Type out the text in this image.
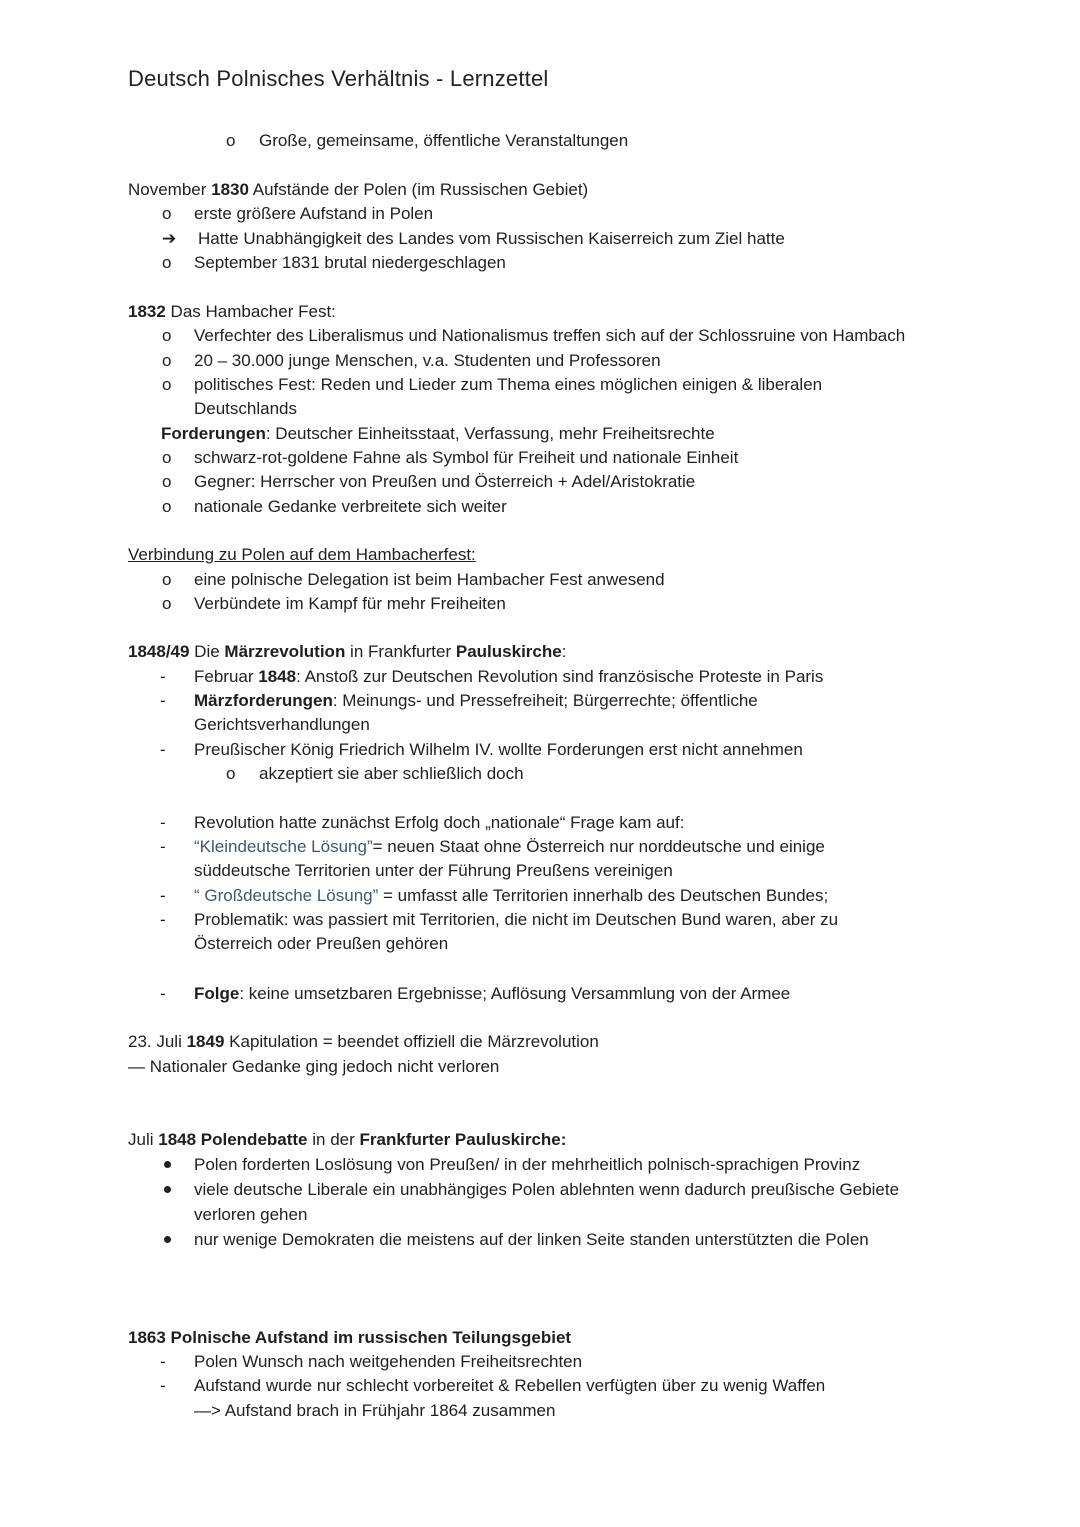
Deutsch Polnisches Verhältnis - Lernzettel
o Große, gemeinsame, öffentliche Veranstaltungen
November 1830 Aufstände der Polen (im Russischen Gebiet)
o erste größere Aufstand in Polen
➔ Hatte Unabhängigkeit des Landes vom Russischen Kaiserreich zum Ziel hatte
o September 1831 brutal niedergeschlagen
1832 Das Hambacher Fest:
o Verfechter des Liberalismus und Nationalismus treffen sich auf der Schlossruine von Hambach
o 20 – 30.000 junge Menschen, v.a. Studenten und Professoren
o politisches Fest: Reden und Lieder zum Thema eines möglichen einigen & liberalen
Deutschlands
Forderungen: Deutscher Einheitsstaat, Verfassung, mehr Freiheitsrechte
o schwarz-rot-goldene Fahne als Symbol für Freiheit und nationale Einheit
o Gegner: Herrscher von Preußen und Österreich + Adel/Aristokratie
o nationale Gedanke verbreitete sich weiter
Verbindung zu Polen auf dem Hambacherfest:
o eine polnische Delegation ist beim Hambacher Fest anwesend
o Verbündete im Kampf für mehr Freiheiten
1848/49 Die Märzrevolution in Frankfurter Pauluskirche:
- Februar 1848: Anstoß zur Deutschen Revolution sind französische Proteste in Paris
- Märzforderungen: Meinungs- und Pressefreiheit; Bürgerrechte; öffentliche
Gerichtsverhandlungen
- Preußischer König Friedrich Wilhelm IV. wollte Forderungen erst nicht annehmen
o akzeptiert sie aber schließlich doch
- Revolution hatte zunächst Erfolg doch „nationale“ Frage kam auf:
- “Kleindeutsche Lösung”= neuen Staat ohne Österreich nur norddeutsche und einige
süddeutsche Territorien unter der Führung Preußens vereinigen
- “ Großdeutsche Lösung” = umfasst alle Territorien innerhalb des Deutschen Bundes;
- Problematik: was passiert mit Territorien, die nicht im Deutschen Bund waren, aber zu
Österreich oder Preußen gehören
- Folge: keine umsetzbaren Ergebnisse; Auflösung Versammlung von der Armee
23. Juli 1849 Kapitulation = beendet offiziell die Märzrevolution
— Nationaler Gedanke ging jedoch nicht verloren
Juli 1848 Polendebatte in der Frankfurter Pauluskirche:
Polen forderten Loslösung von Preußen/ in der mehrheitlich polnisch-sprachigen Provinz
viele deutsche Liberale ein unabhängiges Polen ablehnten wenn dadurch preußische Gebiete
verloren gehen
nur wenige Demokraten die meistens auf der linken Seite standen unterstützten die Polen
1863 Polnische Aufstand im russischen Teilungsgebiet
- Polen Wunsch nach weitgehenden Freiheitsrechten
- Aufstand wurde nur schlecht vorbereitet & Rebellen verfügten über zu wenig Waffen
—> Aufstand brach in Frühjahr 1864 zusammen
